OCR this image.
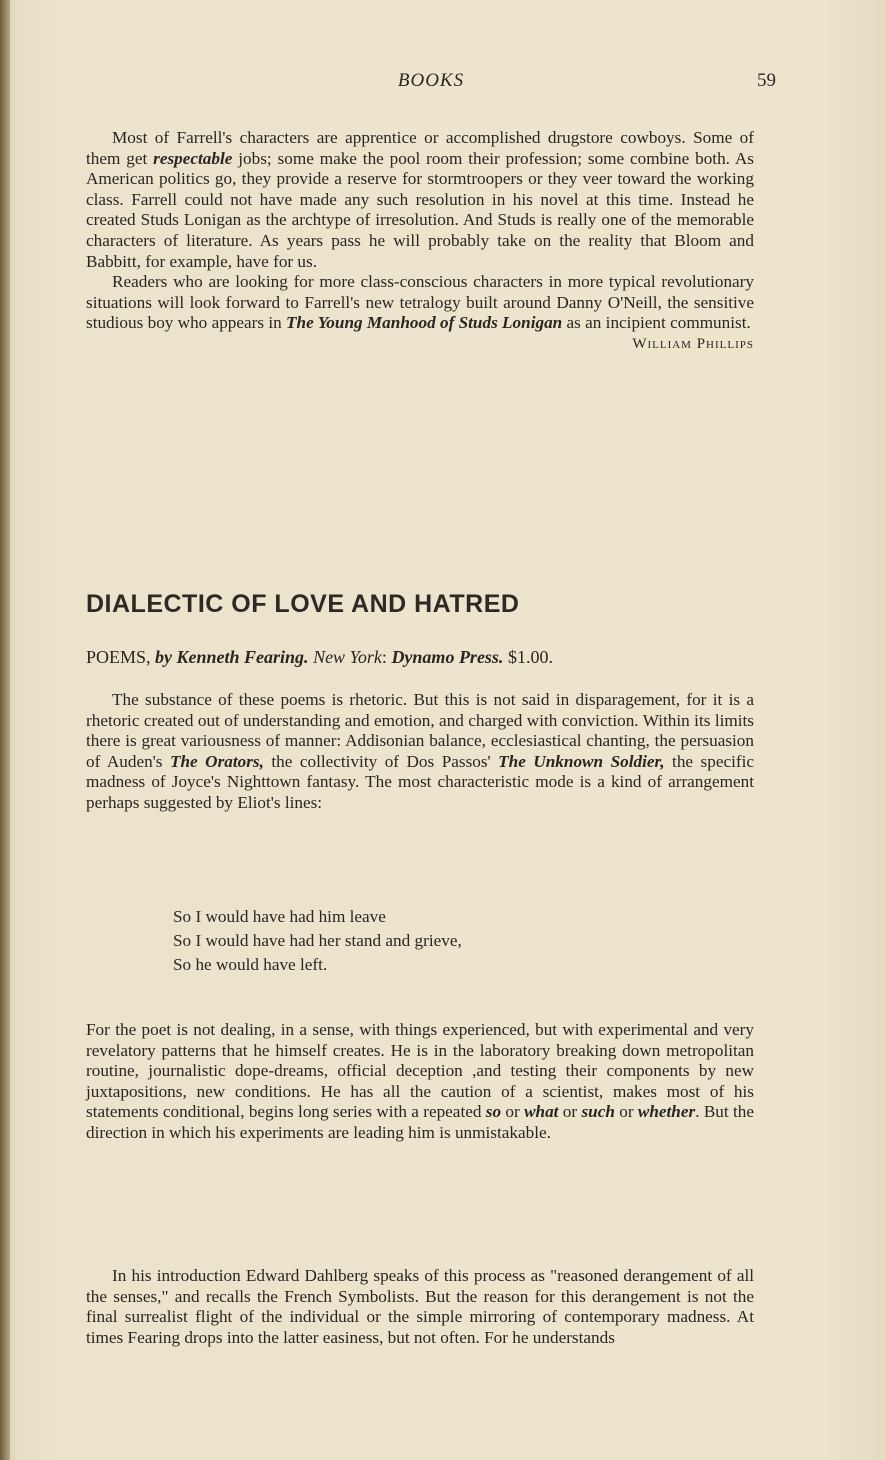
BOOKS	59

Most of Farrell's characters are apprentice or accomplished drugstore cowboys. Some of them get respectable jobs; some make the pool room their profession; some combine both. As American politics go, they provide a reserve for stormtroopers or they veer toward the working class. Farrell could not have made any such resolution in his novel at this time. Instead he created Studs Lonigan as the archtype of irresolution. And Studs is really one of the memorable characters of literature. As years pass he will probably take on the reality that Bloom and Babbitt, for example, have for us.

Readers who are looking for more class-conscious characters in more typical revolutionary situations will look forward to Farrell's new tetralogy built around Danny O'Neill, the sensitive studious boy who appears in The Young Manhood of Studs Lonigan as an incipient communist.

William Phillips
DIALECTIC OF LOVE AND HATRED
POEMS, by Kenneth Fearing. New York: Dynamo Press. $1.00.

The substance of these poems is rhetoric. But this is not said in disparagement, for it is a rhetoric created out of understanding and emotion, and charged with conviction. Within its limits there is great variousness of manner: Addisonian balance, ecclesiastical chanting, the persuasion of Auden's The Orators, the collectivity of Dos Passos' The Unknown Soldier, the specific madness of Joyce's Nighttown fantasy. The most characteristic mode is a kind of arrangement perhaps suggested by Eliot's lines:

So I would have had him leave
So I would have had her stand and grieve,
So he would have left.

For the poet is not dealing, in a sense, with things experienced, but with experimental and very revelatory patterns that he himself creates. He is in the laboratory breaking down metropolitan routine, journalistic dope-dreams, official deception ,and testing their components by new juxtapositions, new conditions. He has all the caution of a scientist, makes most of his statements conditional, begins long series with a repeated so or what or such or whether. But the direction in which his experiments are leading him is unmistakable.

In his introduction Edward Dahlberg speaks of this process as "reasoned derangement of all the senses," and recalls the French Symbolists. But the reason for this derangement is not the final surrealist flight of the individual or the simple mirroring of contemporary madness. At times Fearing drops into the latter easiness, but not often. For he understands
